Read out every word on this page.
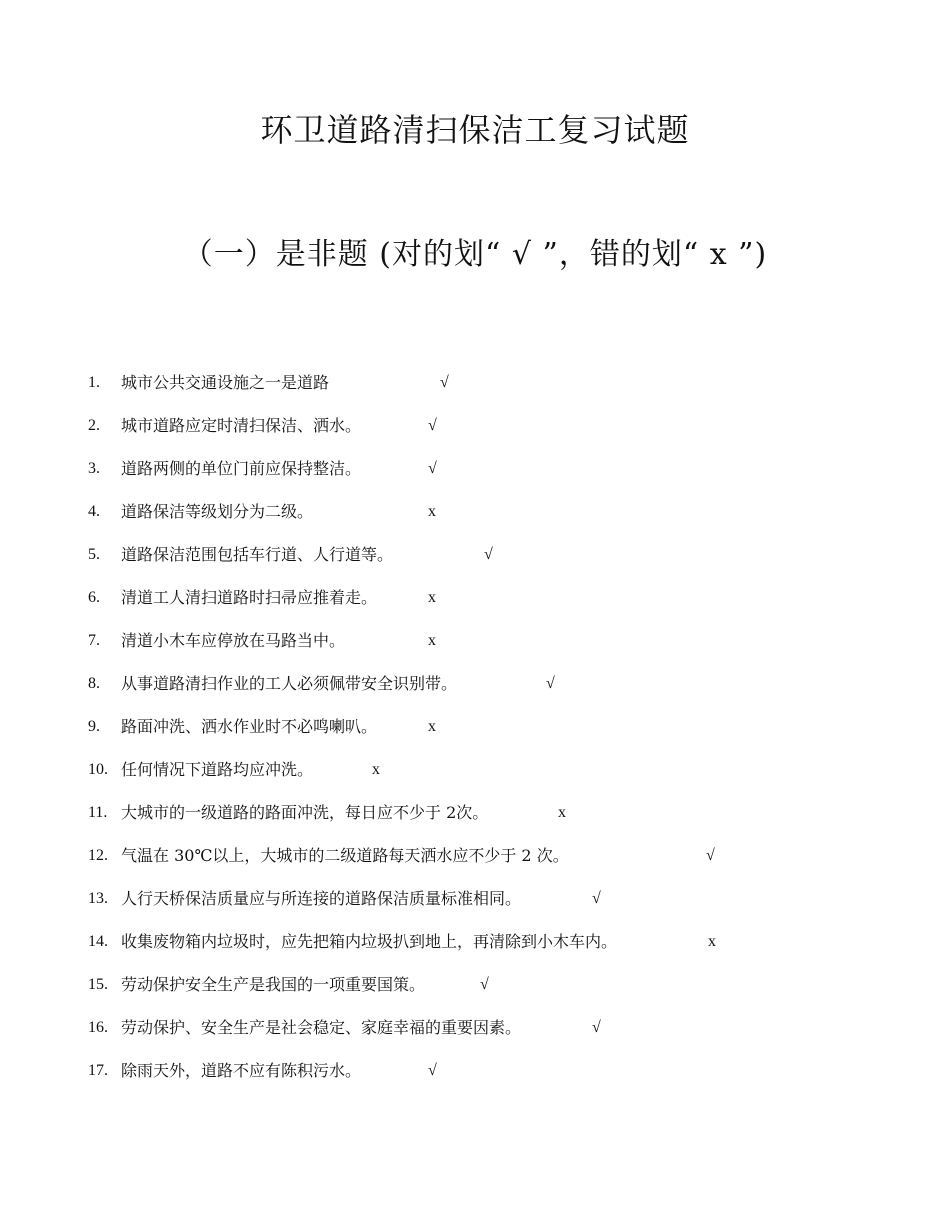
环卫道路清扫保洁工复习试题
（一）是非题 (对的划“ √ ”，错的划“ x ”)
1. 城市公共交通设施之一是道路	√
2. 城市道路应定时清扫保洁、洒水。	√
3. 道路两侧的单位门前应保持整洁。	√
4. 道路保洁等级划分为二级。	x
5. 道路保洁范围包括车行道、人行道等。	√
6. 清道工人清扫道路时扫帚应推着走。	x
7. 清道小木车应停放在马路当中。	x
8. 从事道路清扫作业的工人必须佩带安全识别带。	√
9. 路面冲洗、洒水作业时不必鸣喇叭。	x
10. 任何情况下道路均应冲洗。	x
11. 大城市的一级道路的路面冲洗，每日应不少于 2次。	x
12. 气温在 30℃以上，大城市的二级道路每天洒水应不少于 2 次。	√
13. 人行天桥保洁质量应与所连接的道路保洁质量标准相同。	√
14. 收集废物箱内垃圾时，应先把箱内垃圾扒到地上，再清除到小木车内。	x
15. 劳动保护安全生产是我国的一项重要国策。	√
16. 劳动保护、安全生产是社会稳定、家庭幸福的重要因素。	√
17. 除雨天外，道路不应有陈积污水。	√
